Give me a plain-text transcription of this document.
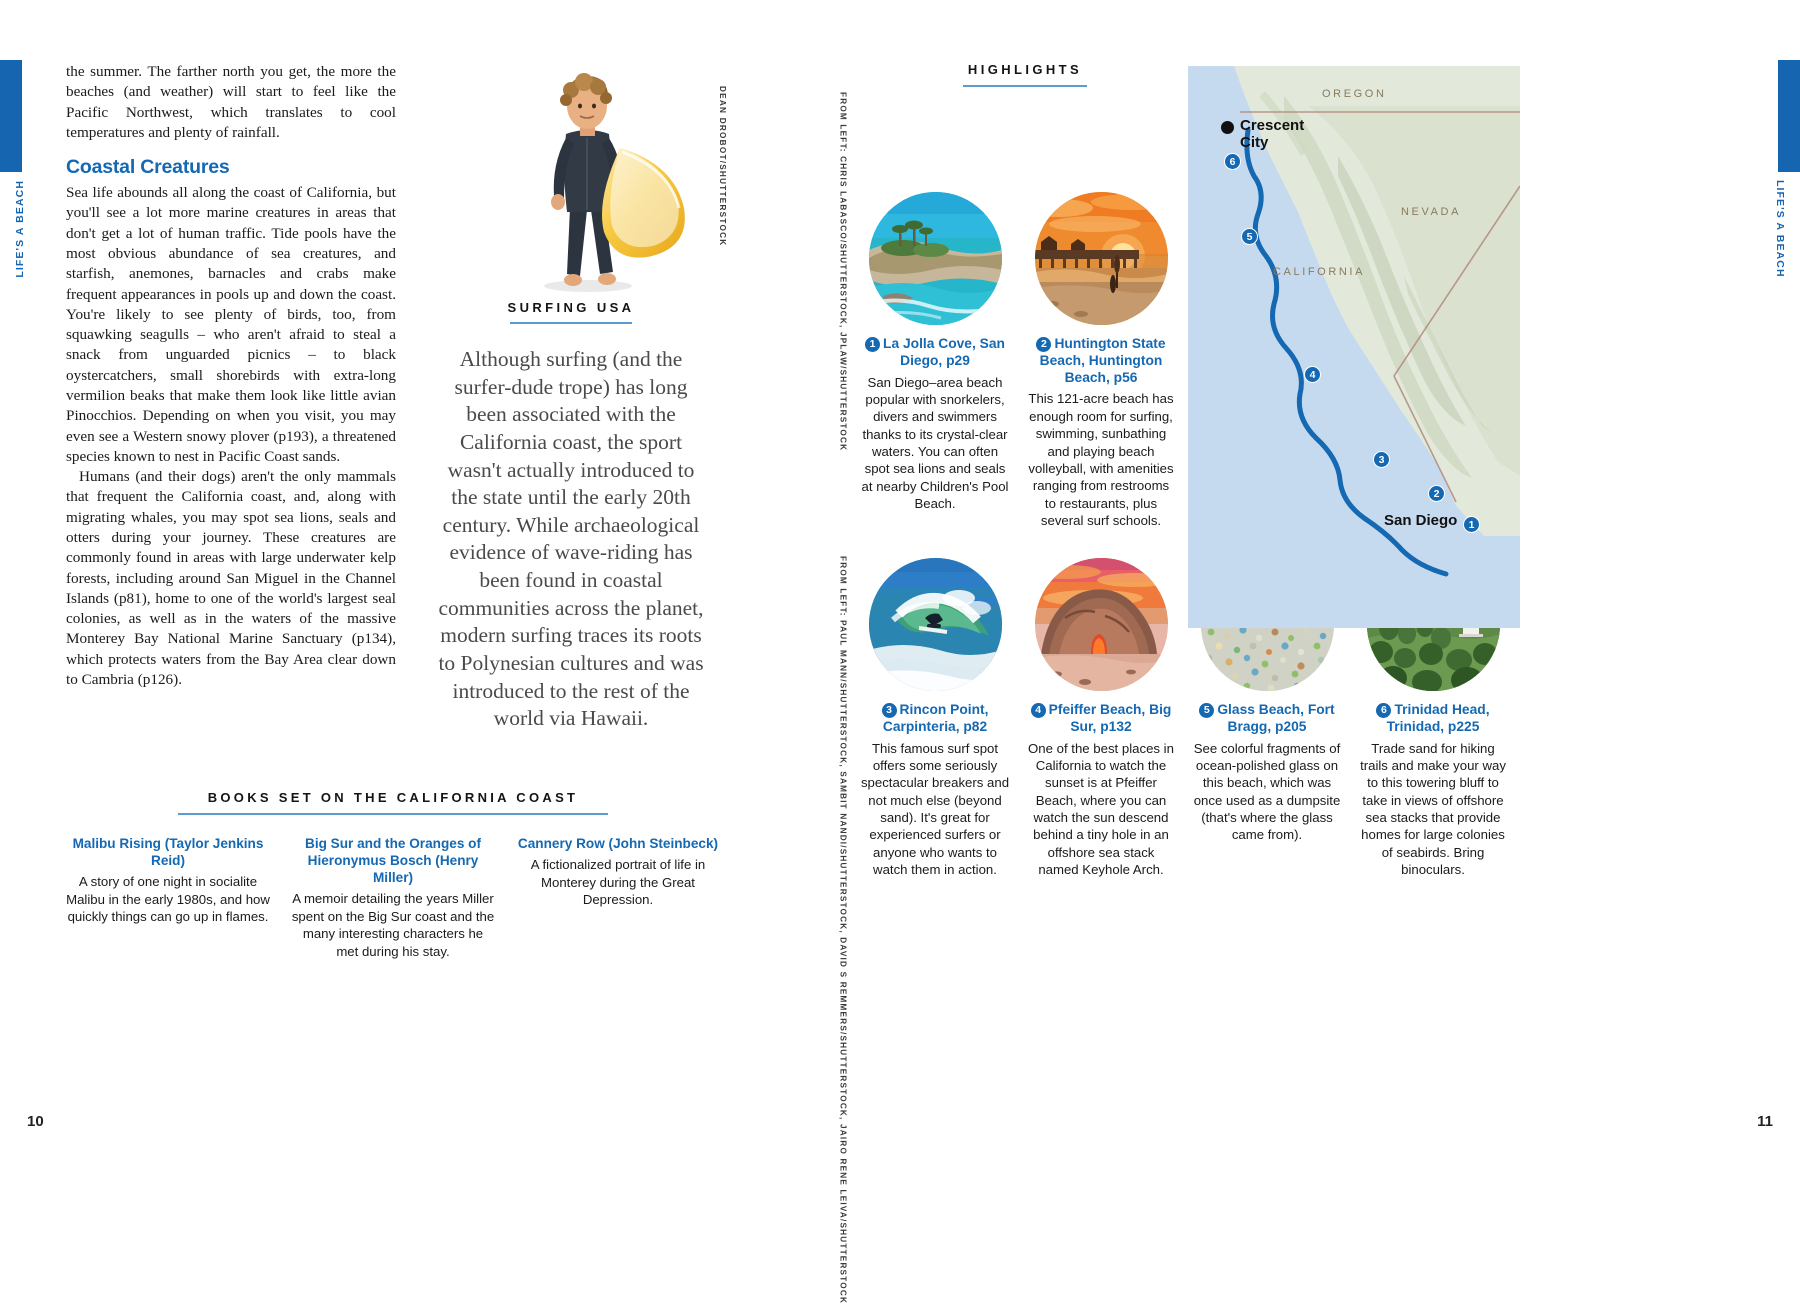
LIFE'S A BEACH
10

the summer. The farther north you get, the more the beaches (and weather) will start to feel like the Pacific Northwest, which translates to cool temperatures and plenty of rainfall.

Coastal Creatures

Sea life abounds all along the coast of California, but you'll see a lot more marine creatures in areas that don't get a lot of human traffic. Tide pools have the most obvious abundance of sea creatures, and starfish, anemones, barnacles and crabs make frequent appearances in pools up and down the coast. You're likely to see plenty of birds, too, from squawking seagulls – who aren't afraid to steal a snack from unguarded picnics – to black oystercatchers, small shorebirds with extra-long vermilion beaks that make them look like little avian Pinocchios. Depending on when you visit, you may even see a Western snowy plover (p193), a threatened species known to nest in Pacific Coast sands.

Humans (and their dogs) aren't the only mammals that frequent the California coast, and, along with migrating whales, you may spot sea lions, seals and otters during your journey. These creatures are commonly found in areas with large underwater kelp forests, including around San Miguel in the Channel Islands (p81), home to one of the world's largest seal colonies, as well as in the waters of the massive Monterey Bay National Marine Sanctuary (p134), which protects waters from the Bay Area clear down to Cambria (p126).

DEAN DROBOT/SHUTTERSTOCK
SURFING USA
Although surfing (and the surfer-dude trope) has long been associated with the California coast, the sport wasn't actually introduced to the state until the early 20th century. While archaeological evidence of wave-riding has been found in coastal communities across the planet, modern surfing traces its roots to Polynesian cultures and was introduced to the rest of the world via Hawaii.
BOOKS SET ON THE CALIFORNIA COAST
Malibu Rising (Taylor Jenkins Reid)
A story of one night in socialite Malibu in the early 1980s, and how quickly things can go up in flames.
Big Sur and the Oranges of Hieronymus Bosch (Henry Miller)
A memoir detailing the years Miller spent on the Big Sur coast and the many interesting characters he met during his stay.
Cannery Row (John Steinbeck)
A fictionalized portrait of life in Monterey during the Great Depression.
LIFE'S A BEACH
11
HIGHLIGHTS
FROM LEFT: CHRIS LABASCO/SHUTTERSTOCK, JPLAW/SHUTTERSTOCK
FROM LEFT: PAUL MANN/SHUTTERSTOCK, SAMBIT NANDI/SHUTTERSTOCK, DAVID S REMMERS/SHUTTERSTOCK, JAIRO RENE LEIVA/SHUTTERSTOCK
1 La Jolla Cove, San Diego, p29
San Diego–area beach popular with snorkelers, divers and swimmers thanks to its crystal-clear waters. You can often spot sea lions and seals at nearby Children's Pool Beach.
2 Huntington State Beach, Huntington Beach, p56
This 121-acre beach has enough room for surfing, swimming, sunbathing and playing beach volleyball, with amenities ranging from restrooms to restaurants, plus several surf schools.
3 Rincon Point, Carpinteria, p82
This famous surf spot offers some seriously spectacular breakers and not much else (beyond sand). It's great for experienced surfers or anyone who wants to watch them in action.
4 Pfeiffer Beach, Big Sur, p132
One of the best places in California to watch the sunset is at Pfeiffer Beach, where you can watch the sun descend behind a tiny hole in an offshore sea stack named Keyhole Arch.
5 Glass Beach, Fort Bragg, p205
See colorful fragments of ocean-polished glass on this beach, which was once used as a dumpsite (that's where the glass came from).
6 Trinidad Head, Trinidad, p225
Trade sand for hiking trails and make your way to this towering bluff to take in views of offshore sea stacks that provide homes for large colonies of seabirds. Bring binoculars.
OREGON
NEVADA
CALIFORNIA
Crescent
City
San Diego
6
5
4
3
2
1
